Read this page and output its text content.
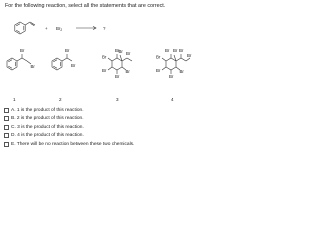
For the following reaction, select all the statements that are correct.
+ $Br_2$	?
Br
Br
Br
Br
Br Br Br
Br
Br
Br
Br
Br Br Br
Br
Br
Br
Br
Br
1	2	3	4
A. 1 is the product of this reaction.
B. 2 is the product of this reaction.
C. 3 is the product of this reaction.
D. 4 is the product of this reaction.
E. There will be no reaction between these two chemicals.
